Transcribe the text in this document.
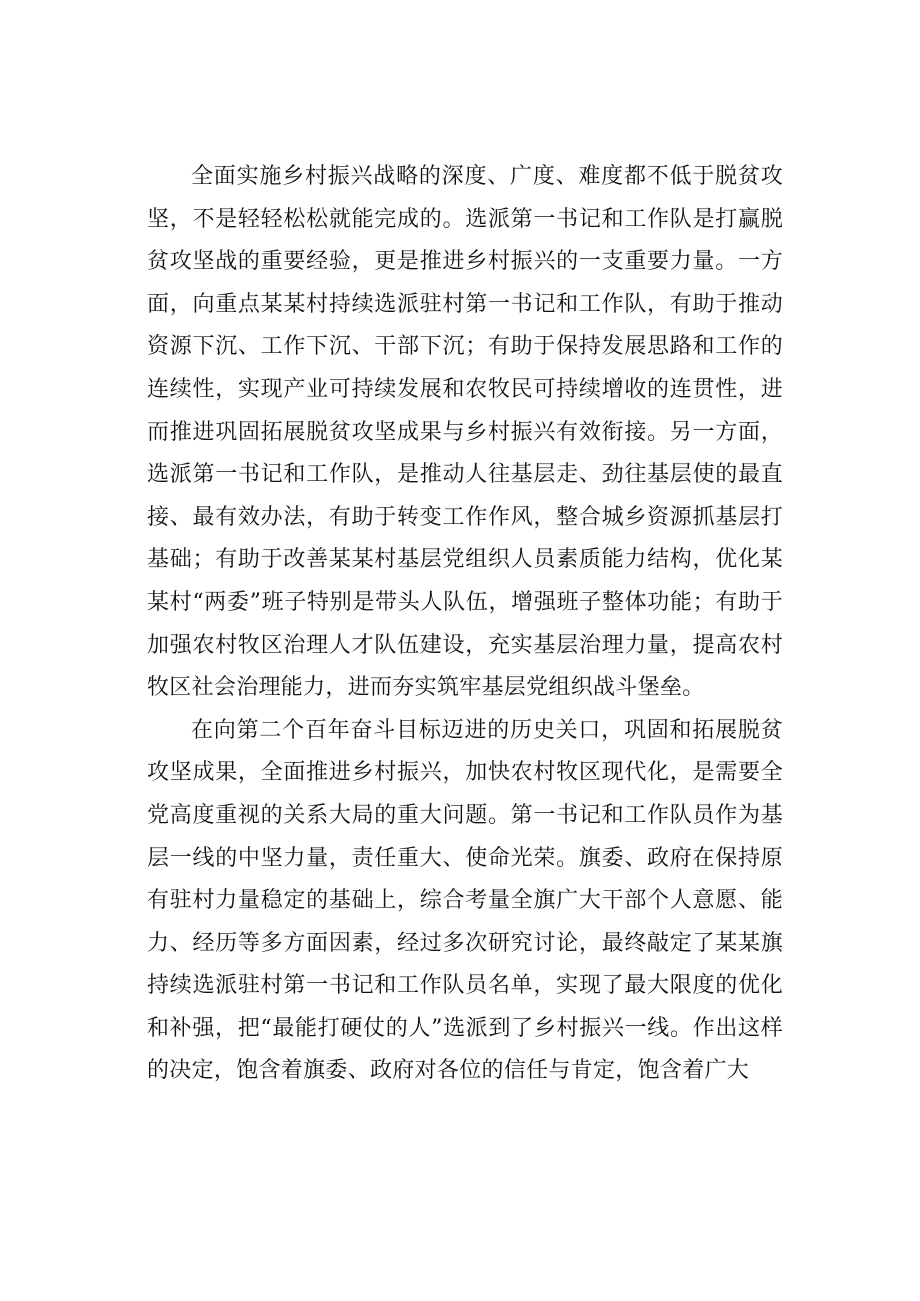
全面实施乡村振兴战略的深度、广度、难度都不低于脱贫攻坚，不是轻轻松松就能完成的。选派第一书记和工作队是打赢脱贫攻坚战的重要经验，更是推进乡村振兴的一支重要力量。一方面，向重点某某村持续选派驻村第一书记和工作队，有助于推动资源下沉、工作下沉、干部下沉；有助于保持发展思路和工作的连续性，实现产业可持续发展和农牧民可持续增收的连贯性，进而推进巩固拓展脱贫攻坚成果与乡村振兴有效衔接。另一方面，选派第一书记和工作队，是推动人往基层走、劲往基层使的最直接、最有效办法，有助于转变工作作风，整合城乡资源抓基层打基础；有助于改善某某村基层党组织人员素质能力结构，优化某某村“两委”班子特别是带头人队伍，增强班子整体功能；有助于加强农村牧区治理人才队伍建设，充实基层治理力量，提高农村牧区社会治理能力，进而夯实筑牢基层党组织战斗堡垒。

在向第二个百年奋斗目标迈进的历史关口，巩固和拓展脱贫攻坚成果，全面推进乡村振兴，加快农村牧区现代化，是需要全党高度重视的关系大局的重大问题。第一书记和工作队员作为基层一线的中坚力量，责任重大、使命光荣。旗委、政府在保持原有驻村力量稳定的基础上，综合考量全旗广大干部个人意愿、能力、经历等多方面因素，经过多次研究讨论，最终敲定了某某旗持续选派驻村第一书记和工作队员名单，实现了最大限度的优化和补强，把“最能打硬仗的人”选派到了乡村振兴一线。作出这样的决定，饱含着旗委、政府对各位的信任与肯定，饱含着广大
